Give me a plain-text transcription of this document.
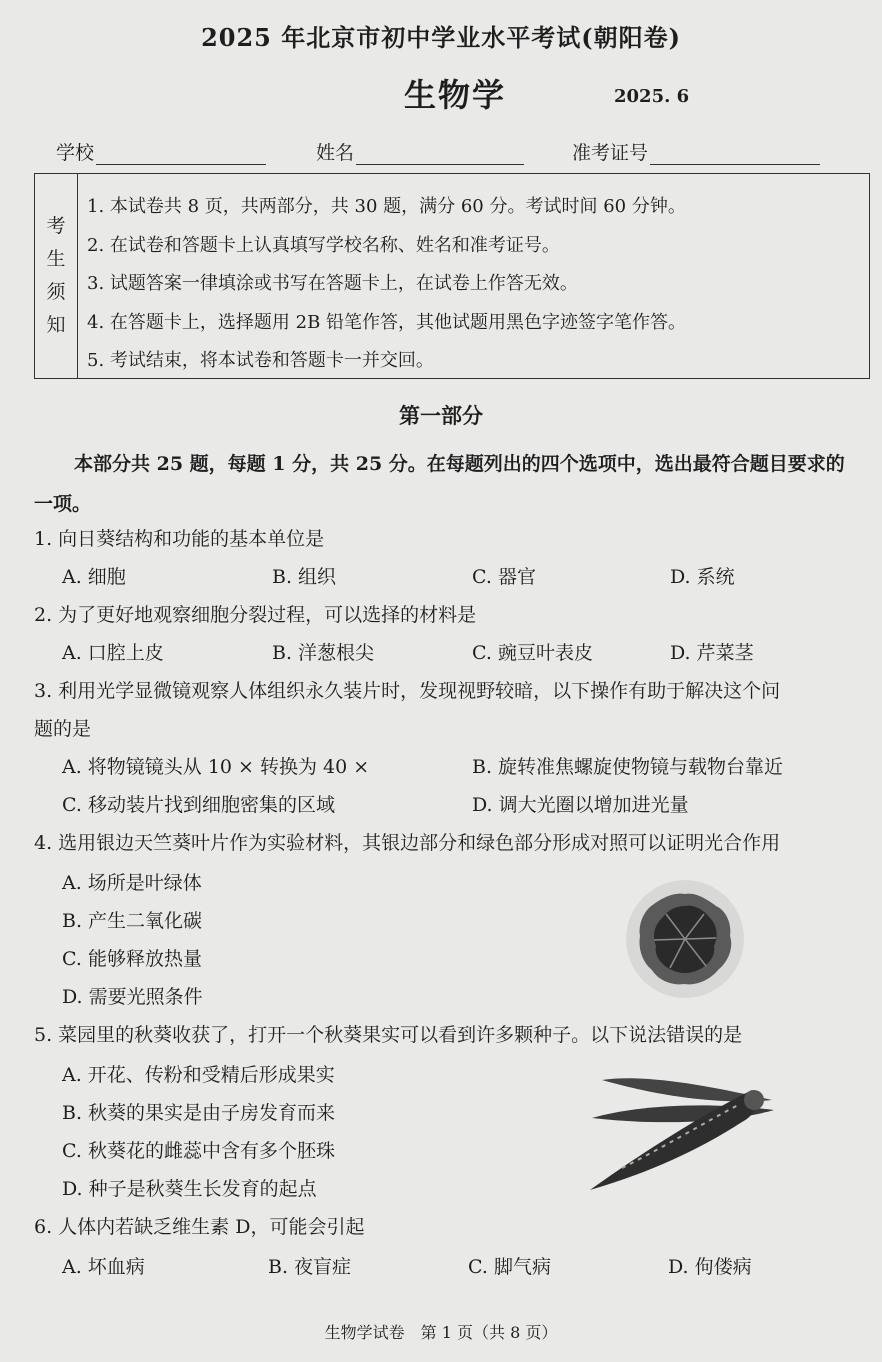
2025 年北京市初中学业水平考试(朝阳卷)
生物学	2025. 6
学校	姓名	准考证号
考
生
须
知
1. 本试卷共 8 页，共两部分，共 30 题，满分 60 分。考试时间 60 分钟。
2. 在试卷和答题卡上认真填写学校名称、姓名和准考证号。
3. 试题答案一律填涂或书写在答题卡上，在试卷上作答无效。
4. 在答题卡上，选择题用 2B 铅笔作答，其他试题用黑色字迹签字笔作答。
5. 考试结束，将本试卷和答题卡一并交回。
第一部分
本部分共 25 题，每题 1 分，共 25 分。在每题列出的四个选项中，选出最符合题目要求的一项。
1. 向日葵结构和功能的基本单位是
A. 细胞	B. 组织	C. 器官	D. 系统
2. 为了更好地观察细胞分裂过程，可以选择的材料是
A. 口腔上皮	B. 洋葱根尖	C. 豌豆叶表皮	D. 芹菜茎
3. 利用光学显微镜观察人体组织永久装片时，发现视野较暗，以下操作有助于解决这个问
题的是
A. 将物镜镜头从 10 × 转换为 40 ×	B. 旋转准焦螺旋使物镜与载物台靠近
C. 移动装片找到细胞密集的区域	D. 调大光圈以增加进光量
4. 选用银边天竺葵叶片作为实验材料，其银边部分和绿色部分形成对照可以证明光合作用
A. 场所是叶绿体
B. 产生二氧化碳
C. 能够释放热量
D. 需要光照条件
5. 菜园里的秋葵收获了，打开一个秋葵果实可以看到许多颗种子。以下说法错误的是
A. 开花、传粉和受精后形成果实
B. 秋葵的果实是由子房发育而来
C. 秋葵花的雌蕊中含有多个胚珠
D. 种子是秋葵生长发育的起点
6. 人体内若缺乏维生素 D，可能会引起
A. 坏血病	B. 夜盲症	C. 脚气病	D. 佝偻病
生物学试卷　第 1 页（共 8 页）
